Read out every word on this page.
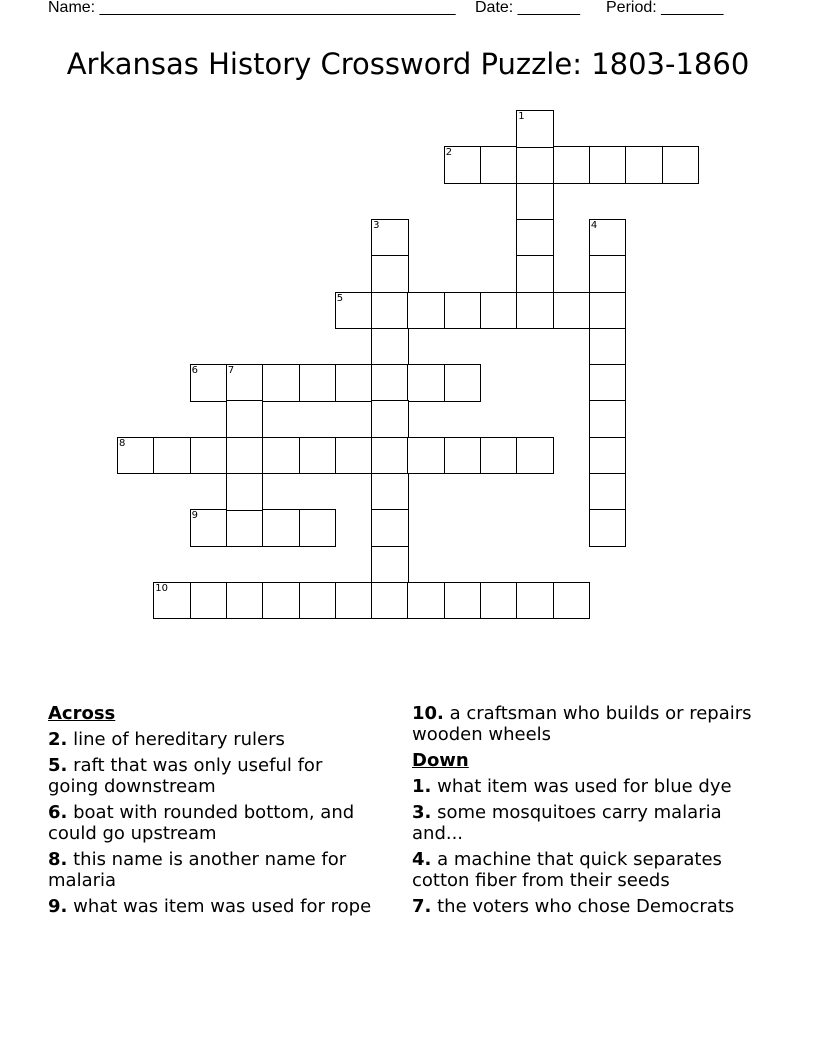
Name: ________________________________________

Date: _______

Period: _______

Arkansas History Crossword Puzzle: 1803-1860
2
5
6	7
8
9
10
1
3	4
Across
2. line of hereditary rulers
5. raft that was only useful for going downstream
6. boat with rounded bottom, and could go upstream
8. this name is another name for malaria
9. what was item was used for rope
10. a craftsman who builds or repairs wooden wheels
Down
1. what item was used for blue dye
3. some mosquitoes carry malaria and...
4. a machine that quick separates cotton fiber from their seeds
7. the voters who chose Democrats
